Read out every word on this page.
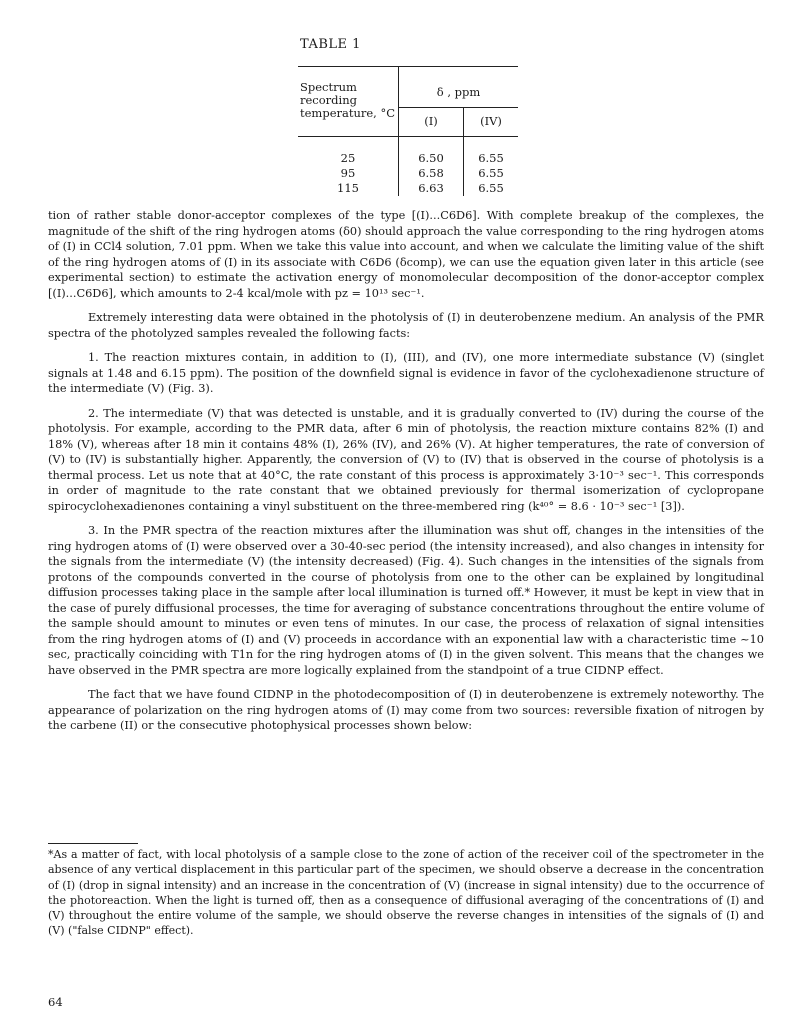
TABLE 1
Spectrum recording temperature, °C	δ , ppm	
	(I)	(IV)

25	6.50	6.55
95	6.58	6.55
115	6.63	6.55

tion of rather stable donor-acceptor complexes of the type [(I)...C6D6]. With complete breakup of the complexes, the magnitude of the shift of the ring hydrogen atoms (δ0) should approach the value corresponding to the ring hydrogen atoms of (I) in CCl4 solution, 7.01 ppm. When we take this value into account, and when we calculate the limiting value of the shift of the ring hydrogen atoms of (I) in its associate with C6D6 (δcomp), we can use the equation given later in this article (see experimental section) to estimate the activation energy of monomolecular decomposition of the donor-acceptor complex [(I)...C6D6], which amounts to 2-4 kcal/mole with pz = 10¹³ sec⁻¹.

Extremely interesting data were obtained in the photolysis of (I) in deuterobenzene medium. An analysis of the PMR spectra of the photolyzed samples revealed the following facts:

1. The reaction mixtures contain, in addition to (I), (III), and (IV), one more intermediate substance (V) (singlet signals at 1.48 and 6.15 ppm). The position of the downfield signal is evidence in favor of the cyclohexadienone structure of the intermediate (V) (Fig. 3).

2. The intermediate (V) that was detected is unstable, and it is gradually converted to (IV) during the course of the photolysis. For example, according to the PMR data, after 6 min of photolysis, the reaction mixture contains 82% (I) and 18% (V), whereas after 18 min it contains 48% (I), 26% (IV), and 26% (V). At higher temperatures, the rate of conversion of (V) to (IV) is substantially higher. Apparently, the conversion of (V) to (IV) that is observed in the course of photolysis is a thermal process. Let us note that at 40°C, the rate constant of this process is approximately 3·10⁻³ sec⁻¹. This corresponds in order of magnitude to the rate constant that we obtained previously for thermal isomerization of cyclopropane spirocyclohexadienones containing a vinyl substituent on the three-membered ring (k⁴⁰° = 8.6 · 10⁻³ sec⁻¹ [3]).

3. In the PMR spectra of the reaction mixtures after the illumination was shut off, changes in the intensities of the ring hydrogen atoms of (I) were observed over a 30-40-sec period (the intensity increased), and also changes in intensity for the signals from the intermediate (V) (the intensity decreased) (Fig. 4). Such changes in the intensities of the signals from protons of the compounds converted in the course of photolysis from one to the other can be explained by longitudinal diffusion processes taking place in the sample after local illumination is turned off.* However, it must be kept in view that in the case of purely diffusional processes, the time for averaging of substance concentrations throughout the entire volume of the sample should amount to minutes or even tens of minutes. In our case, the process of relaxation of signal intensities from the ring hydrogen atoms of (I) and (V) proceeds in accordance with an exponential law with a characteristic time ~10 sec, practically coinciding with T1n for the ring hydrogen atoms of (I) in the given solvent. This means that the changes we have observed in the PMR spectra are more logically explained from the standpoint of a true CIDNP effect.

The fact that we have found CIDNP in the photodecomposition of (I) in deuterobenzene is extremely noteworthy. The appearance of polarization on the ring hydrogen atoms of (I) may come from two sources: reversible fixation of nitrogen by the carbene (II) or the consecutive photophysical processes shown below:

*As a matter of fact, with local photolysis of a sample close to the zone of action of the receiver coil of the spectrometer in the absence of any vertical displacement in this particular part of the specimen, we should observe a decrease in the concentration of (I) (drop in signal intensity) and an increase in the concentration of (V) (increase in signal intensity) due to the occurrence of the photoreaction. When the light is turned off, then as a consequence of diffusional averaging of the concentrations of (I) and (V) throughout the entire volume of the sample, we should observe the reverse changes in intensities of the signals of (I) and (V) ("false CIDNP" effect).
64
